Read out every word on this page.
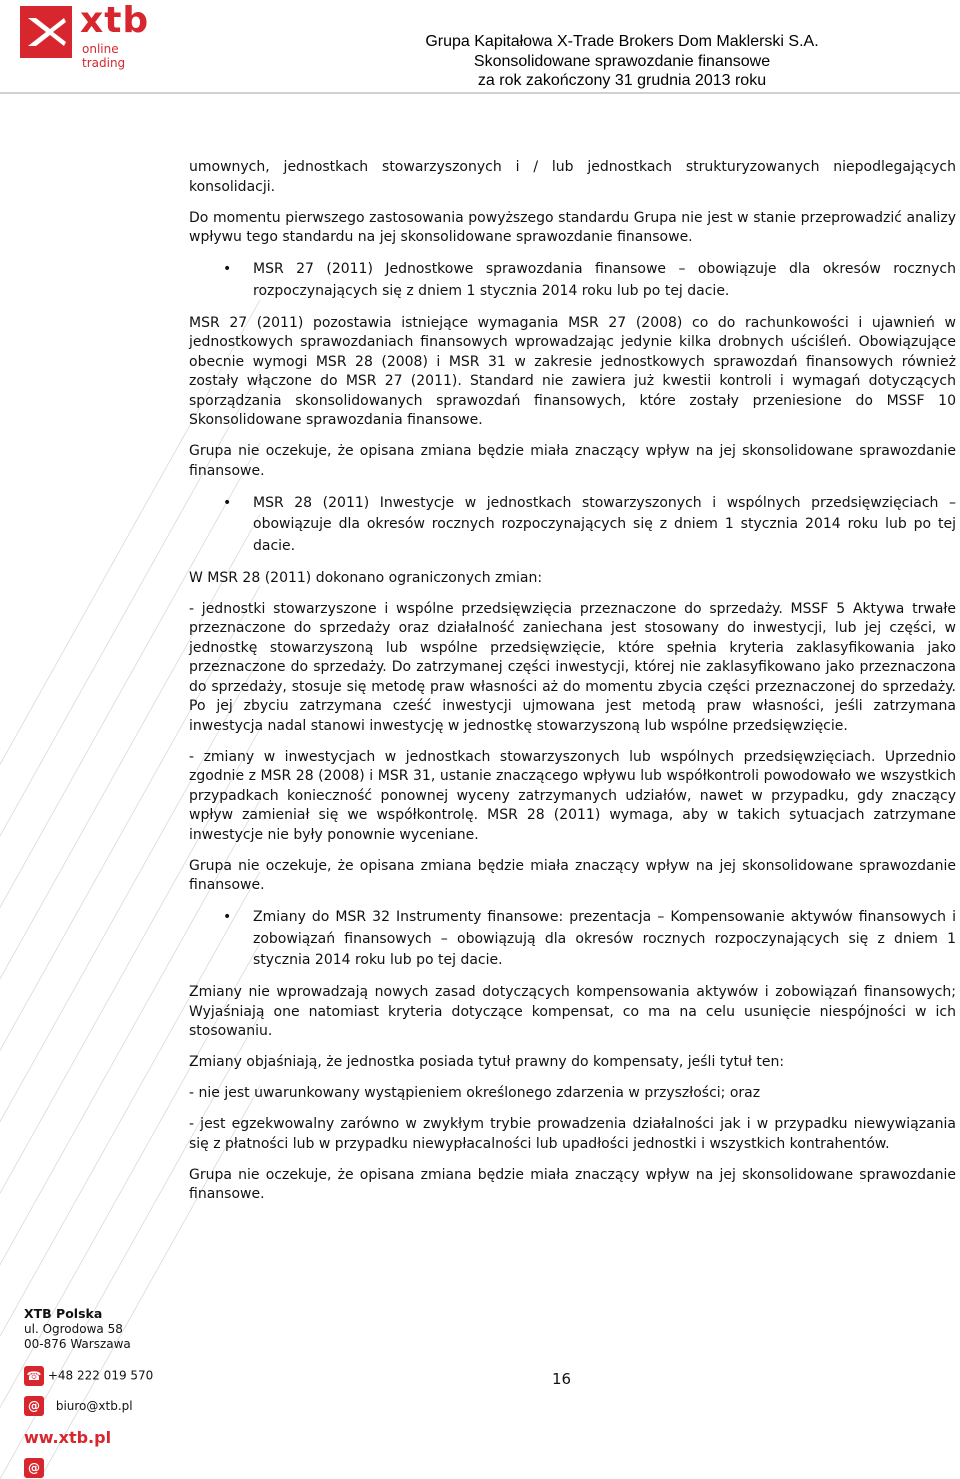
xtb
online trading
Grupa Kapitałowa X-Trade Brokers Dom Maklerski S.A.
Skonsolidowane sprawozdanie finansowe
za rok zakończony 31 grudnia 2013 roku

umownych, jednostkach stowarzyszonych i / lub jednostkach strukturyzowanych niepodlegających konsolidacji.

Do momentu pierwszego zastosowania powyższego standardu Grupa nie jest w stanie przeprowadzić analizy wpływu tego standardu na jej skonsolidowane sprawozdanie finansowe.

• MSR 27 (2011) Jednostkowe sprawozdania finansowe – obowiązuje dla okresów rocznych rozpoczynających się z dniem 1 stycznia 2014 roku lub po tej dacie.

MSR 27 (2011) pozostawia istniejące wymagania MSR 27 (2008) co do rachunkowości i ujawnień w jednostkowych sprawozdaniach finansowych wprowadzając jedynie kilka drobnych uściśleń. Obowiązujące obecnie wymogi MSR 28 (2008) i MSR 31 w zakresie jednostkowych sprawozdań finansowych również zostały włączone do MSR 27 (2011). Standard nie zawiera już kwestii kontroli i wymagań dotyczących sporządzania skonsolidowanych sprawozdań finansowych, które zostały przeniesione do MSSF 10 Skonsolidowane sprawozdania finansowe.

Grupa nie oczekuje, że opisana zmiana będzie miała znaczący wpływ na jej skonsolidowane sprawozdanie finansowe.

• MSR 28 (2011) Inwestycje w jednostkach stowarzyszonych i wspólnych przedsięwzięciach – obowiązuje dla okresów rocznych rozpoczynających się z dniem 1 stycznia 2014 roku lub po tej dacie.

W MSR 28 (2011) dokonano ograniczonych zmian:

- jednostki stowarzyszone i wspólne przedsięwzięcia przeznaczone do sprzedaży. MSSF 5 Aktywa trwałe przeznaczone do sprzedaży oraz działalność zaniechana jest stosowany do inwestycji, lub jej części, w jednostkę stowarzyszoną lub wspólne przedsięwzięcie, które spełnia kryteria zaklasyfikowania jako przeznaczone do sprzedaży. Do zatrzymanej części inwestycji, której nie zaklasyfikowano jako przeznaczona do sprzedaży, stosuje się metodę praw własności aż do momentu zbycia części przeznaczonej do sprzedaży. Po jej zbyciu zatrzymana cześć inwestycji ujmowana jest metodą praw własności, jeśli zatrzymana inwestycja nadal stanowi inwestycję w jednostkę stowarzyszoną lub wspólne przedsięwzięcie.

- zmiany w inwestycjach w jednostkach stowarzyszonych lub wspólnych przedsięwzięciach. Uprzednio zgodnie z MSR 28 (2008) i MSR 31, ustanie znaczącego wpływu lub współkontroli powodowało we wszystkich przypadkach konieczność ponownej wyceny zatrzymanych udziałów, nawet w przypadku, gdy znaczący wpływ zamieniał się we współkontrolę. MSR 28 (2011) wymaga, aby w takich sytuacjach zatrzymane inwestycje nie były ponownie wyceniane.

Grupa nie oczekuje, że opisana zmiana będzie miała znaczący wpływ na jej skonsolidowane sprawozdanie finansowe.

• Zmiany do MSR 32 Instrumenty finansowe: prezentacja – Kompensowanie aktywów finansowych i zobowiązań finansowych – obowiązują dla okresów rocznych rozpoczynających się z dniem 1 stycznia 2014 roku lub po tej dacie.

Zmiany nie wprowadzają nowych zasad dotyczących kompensowania aktywów i zobowiązań finansowych; Wyjaśniają one natomiast kryteria dotyczące kompensat, co ma na celu usunięcie niespójności w ich stosowaniu.

Zmiany objaśniają, że jednostka posiada tytuł prawny do kompensaty, jeśli tytuł ten:

- nie jest uwarunkowany wystąpieniem określonego zdarzenia w przyszłości; oraz

- jest egzekwowalny zarówno w zwykłym trybie prowadzenia działalności jak i w przypadku niewywiązania się z płatności lub w przypadku niewypłacalności lub upadłości jednostki i wszystkich kontrahentów.

Grupa nie oczekuje, że opisana zmiana będzie miała znaczący wpływ na jej skonsolidowane sprawozdanie finansowe.

XTB Polska
ul. Ogrodowa 58
00-876 Warszawa
☎ +48 222 019 570
@ biuro@xtb.pl
ww.xtb.pl
@
16
